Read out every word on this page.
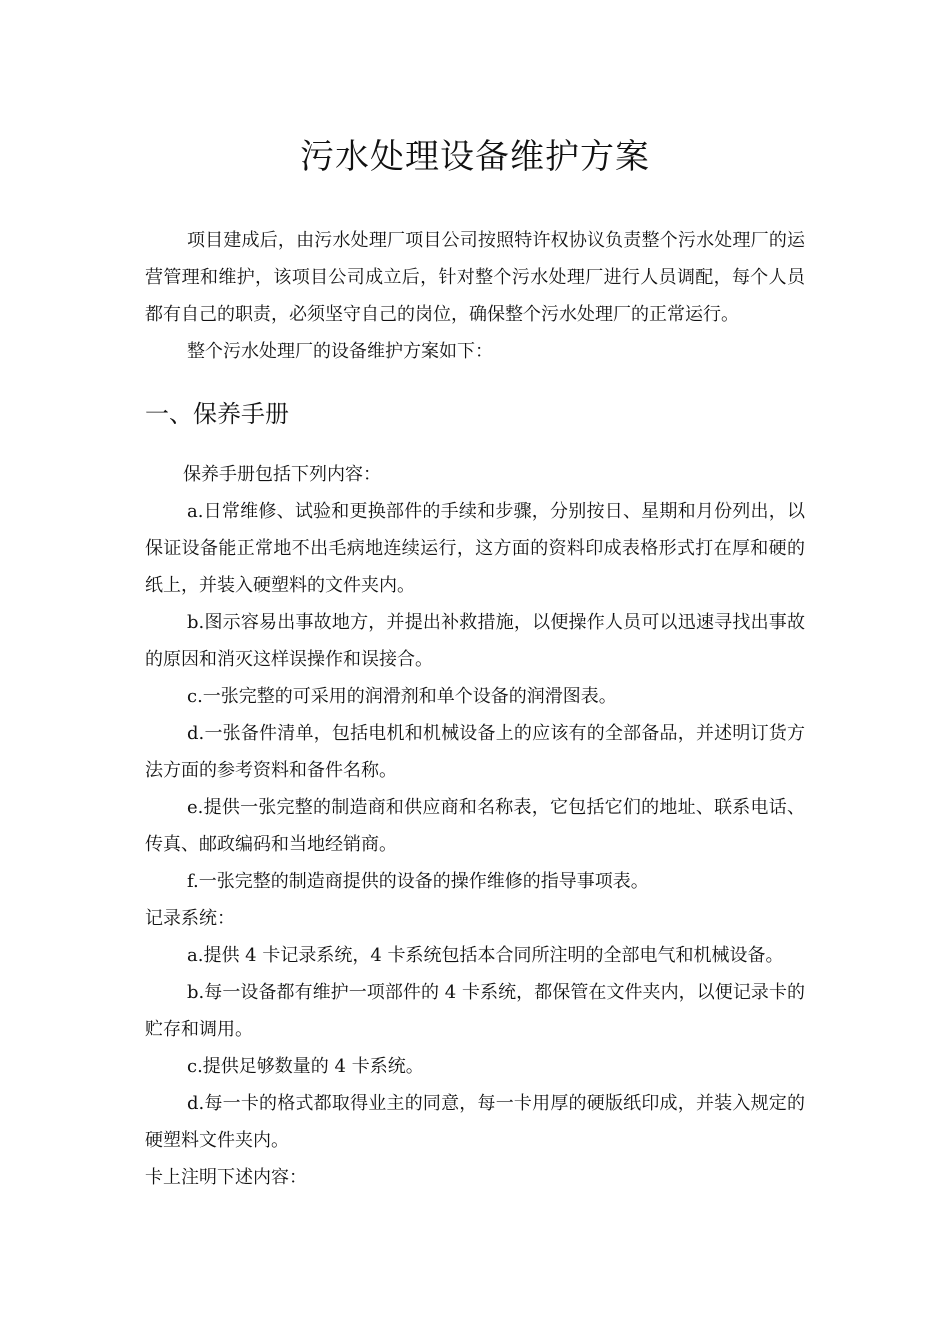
污水处理设备维护方案

项目建成后，由污水处理厂项目公司按照特许权协议负责整个污水处理厂的运营管理和维护，该项目公司成立后，针对整个污水处理厂进行人员调配，每个人员都有自己的职责，必须坚守自己的岗位，确保整个污水处理厂的正常运行。

整个污水处理厂的设备维护方案如下：

一、保养手册

保养手册包括下列内容：

a.日常维修、试验和更换部件的手续和步骤，分别按日、星期和月份列出，以保证设备能正常地不出毛病地连续运行，这方面的资料印成表格形式打在厚和硬的纸上，并装入硬塑料的文件夹内。

b.图示容易出事故地方，并提出补救措施，以便操作人员可以迅速寻找出事故的原因和消灭这样误操作和误接合。

c.一张完整的可采用的润滑剂和单个设备的润滑图表。

d.一张备件清单，包括电机和机械设备上的应该有的全部备品，并述明订货方法方面的参考资料和备件名称。

e.提供一张完整的制造商和供应商和名称表，它包括它们的地址、联系电话、传真、邮政编码和当地经销商。

f.一张完整的制造商提供的设备的操作维修的指导事项表。

记录系统：

a.提供 4 卡记录系统，4 卡系统包括本合同所注明的全部电气和机械设备。

b.每一设备都有维护一项部件的 4 卡系统，都保管在文件夹内，以便记录卡的贮存和调用。

c.提供足够数量的 4 卡系统。

d.每一卡的格式都取得业主的同意，每一卡用厚的硬版纸印成，并装入规定的硬塑料文件夹内。

卡上注明下述内容：
